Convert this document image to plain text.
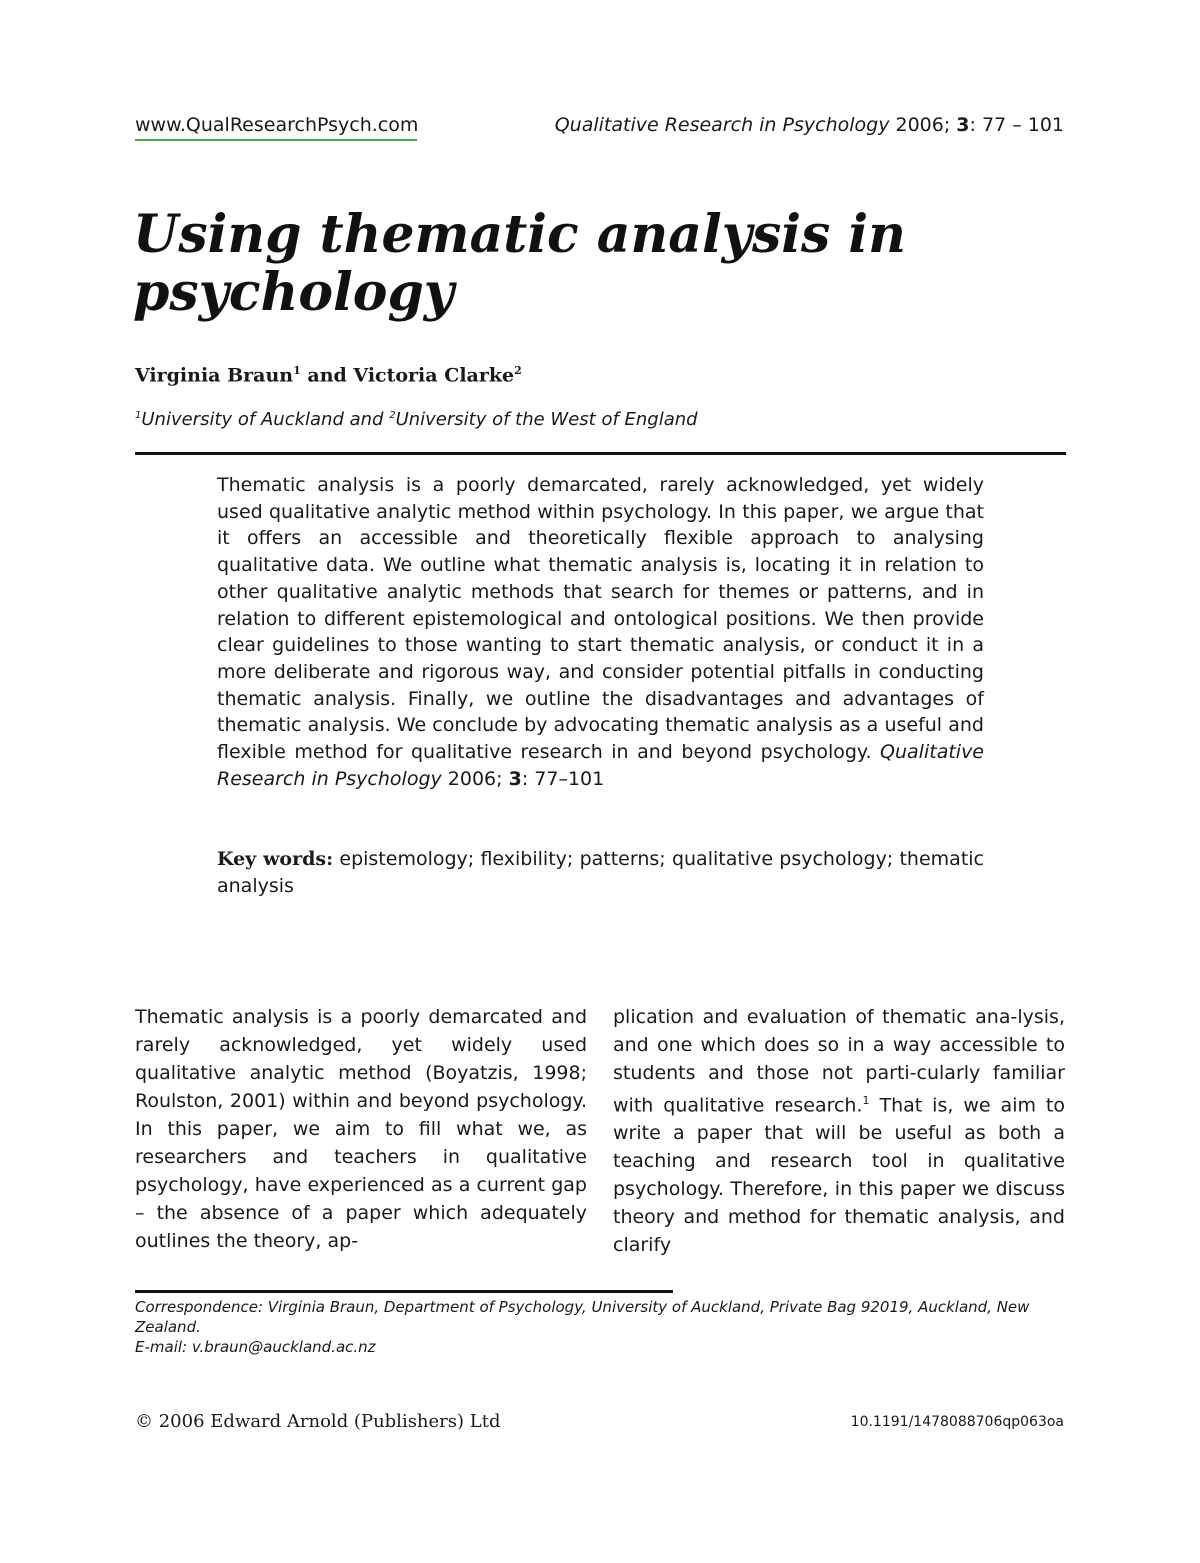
www.QualResearchPsych.com	Qualitative Research in Psychology 2006; 3: 77 – 101
Using thematic analysis in psychology
Virginia Braun$^1$ and Victoria Clarke$^2$
$^1$University of Auckland and $^2$University of the West of England

Thematic analysis is a poorly demarcated, rarely acknowledged, yet widely used qualitative analytic method within psychology. In this paper, we argue that it offers an accessible and theoretically flexible approach to analysing qualitative data. We outline what thematic analysis is, locating it in relation to other qualitative analytic methods that search for themes or patterns, and in relation to different epistemological and ontological positions. We then provide clear guidelines to those wanting to start thematic analysis, or conduct it in a more deliberate and rigorous way, and consider potential pitfalls in conducting thematic analysis. Finally, we outline the disadvantages and advantages of thematic analysis. We conclude by advocating thematic analysis as a useful and flexible method for qualitative research in and beyond psychology. Qualitative Research in Psychology 2006; 3: 77–101

Key words: epistemology; flexibility; patterns; qualitative psychology; thematic analysis

Thematic analysis is a poorly demarcated and rarely acknowledged, yet widely used qualitative analytic method (Boyatzis, 1998; Roulston, 2001) within and beyond psychology. In this paper, we aim to fill what we, as researchers and teachers in qualitative psychology, have experienced as a current gap – the absence of a paper which adequately outlines the theory, ap-

plication and evaluation of thematic ana-lysis, and one which does so in a way accessible to students and those not parti-cularly familiar with qualitative research.$^1$ That is, we aim to write a paper that will be useful as both a teaching and research tool in qualitative psychology. Therefore, in this paper we discuss theory and method for thematic analysis, and clarify

Correspondence: Virginia Braun, Department of Psychology, University of Auckland, Private Bag 92019, Auckland, New Zealand.
E-mail: v.braun@auckland.ac.nz
© 2006 Edward Arnold (Publishers) Ltd	10.1191/1478088706qp063oa
